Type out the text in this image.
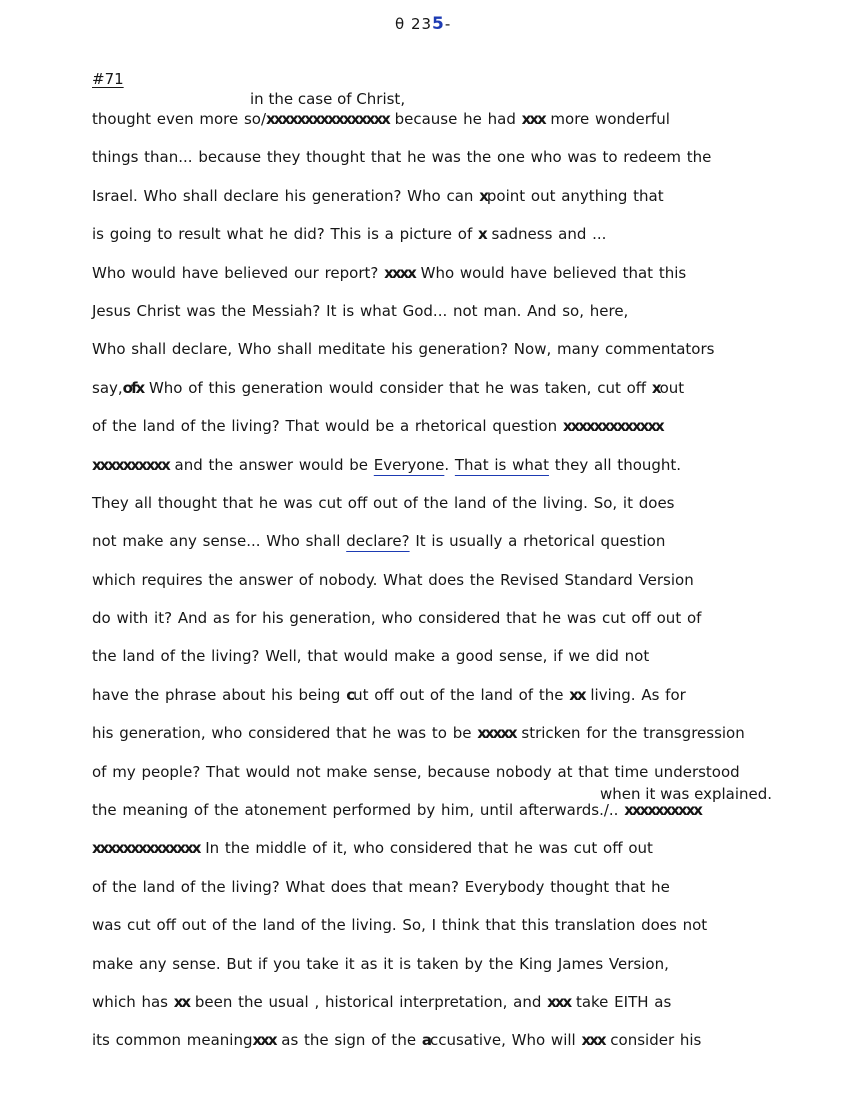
θ 235-
#71
in the case of Christ,
when it was explained.
thought even more so/xxxxxxxxxxxxxxxx because he had xxx more wonderful
things than... because they thought that he was the one who was to redeem the
Israel. Who shall declare his generation? Who can xpoint out anything that
is going to result what he did? This is a picture of x sadness and ...
Who would have believed our report? xxxx Who would have believed that this
Jesus Christ was the Messiah? It is what God... not man. And so, here,
Who shall declare, Who shall meditate his generation? Now, many commentators
say,ofx Who of this generation would consider that he was taken, cut off xout
of the land of the living? That would be a rhetorical question xxxxxxxxxxxxx
xxxxxxxxxx and the answer would be Everyone. That is what they all thought.
They all thought that he was cut off out of the land of the living. So, it does
not make any sense... Who shall declare? It is usually a rhetorical question
which requires the answer of nobody. What does the Revised Standard Version
do with it? And as for his generation, who considered that he was cut off out of
the land of the living? Well, that would make a good sense, if we did not
have the phrase about his being cut off out of the land of the xx living. As for
his generation, who considered that he was to be xxxxx stricken for the transgression
of my people? That would not make sense, because nobody at that time understood
the meaning of the atonement performed by him, until afterwards./.. xxxxxxxxxx
xxxxxxxxxxxxxx In the middle of it, who considered that he was cut off out
of the land of the living? What does that mean? Everybody thought that he
was cut off out of the land of the living. So, I think that this translation does not
make any sense. But if you take it as it is taken by the King James Version,
which has xx been the usual , historical interpretation, and xxx take EITH as
its common meaningxxx as the sign of the accusative, Who will xxx consider his
